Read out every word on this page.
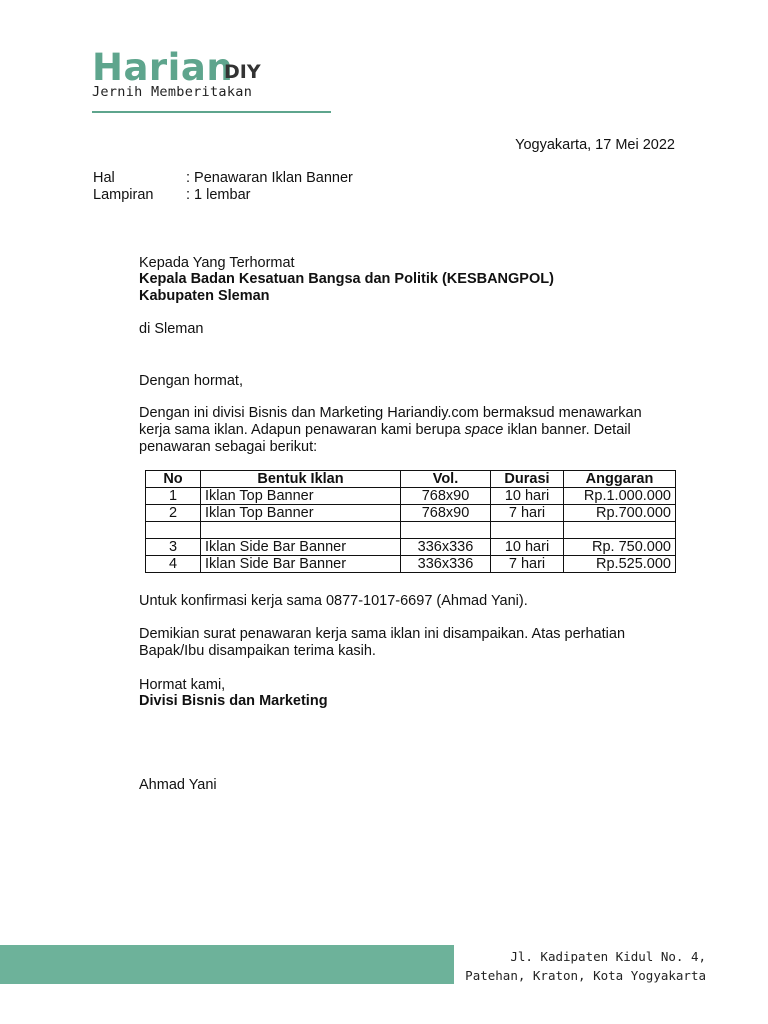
Harian
DIY
Jernih Memberitakan
Yogyakarta, 17 Mei 2022
Hal	: Penawaran Iklan Banner
Lampiran : 1 lembar
Kepada Yang Terhormat
Kepala Badan Kesatuan Bangsa dan Politik (KESBANGPOL)
Kabupaten Sleman
di Sleman
Dengan hormat,
Dengan ini divisi Bisnis dan Marketing Hariandiy.com bermaksud menawarkan kerja sama iklan. Adapun penawaran kami berupa space iklan banner. Detail penawaran sebagai berikut:
No	Bentuk Iklan	Vol.	Durasi	Anggaran
1	Iklan Top Banner	768x90	10 hari	Rp.1.000.000
2	Iklan Top Banner	768x90	7 hari	Rp.700.000

3	Iklan Side Bar Banner	336x336	10 hari	Rp. 750.000
4	Iklan Side Bar Banner	336x336	7 hari	Rp.525.000
Untuk konfirmasi kerja sama 0877-1017-6697 (Ahmad Yani).
Demikian surat penawaran kerja sama iklan ini disampaikan. Atas perhatian Bapak/Ibu disampaikan terima kasih.
Hormat kami,
Divisi Bisnis dan Marketing
Ahmad Yani
Jl. Kadipaten Kidul No. 4,
Patehan, Kraton, Kota Yogyakarta
